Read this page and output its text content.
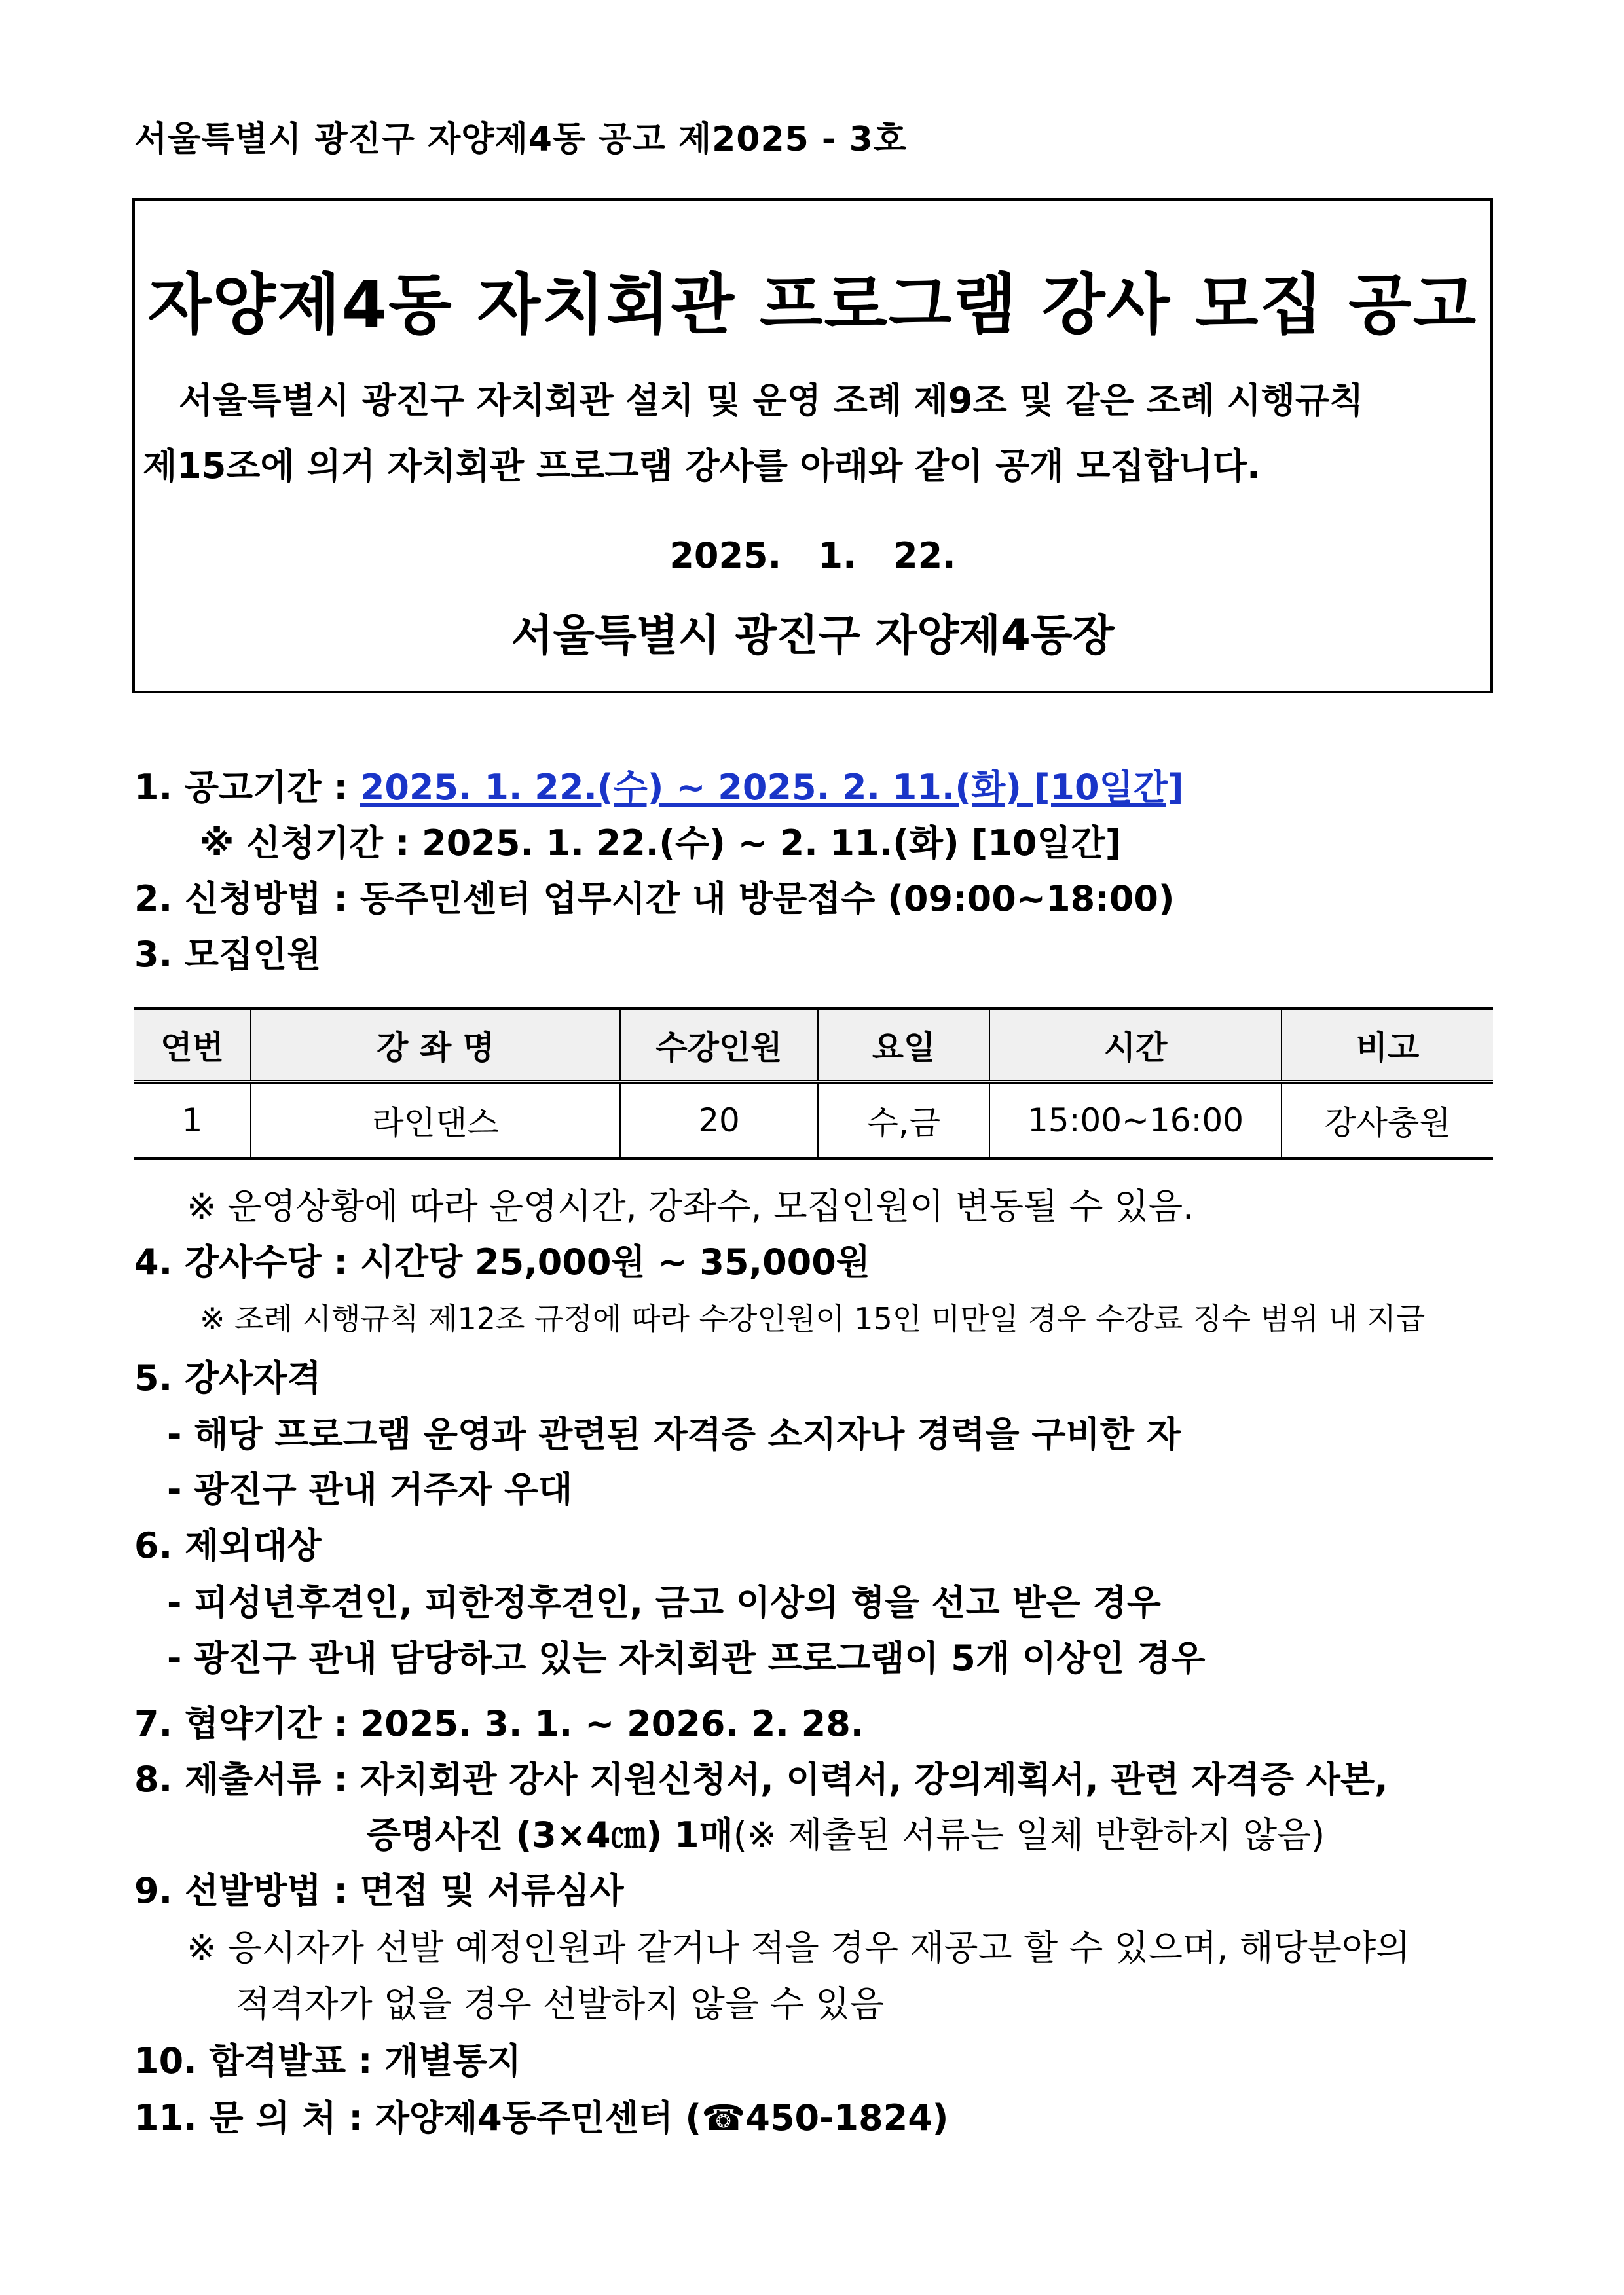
서울특별시 광진구 자양제4동 공고 제2025 - 3호
자양제4동 자치회관 프로그램 강사 모집 공고
서울특별시 광진구 자치회관 설치 및 운영 조례 제9조 및 같은 조례 시행규칙
제15조에 의거 자치회관 프로그램 강사를 아래와 같이 공개 모집합니다.
2025.   1.   22.
서울특별시 광진구 자양제4동장
1. 공고기간 : 2025. 1. 22.(수) ~ 2025. 2. 11.(화) [10일간]
※ 신청기간 : 2025. 1. 22.(수) ~ 2. 11.(화) [10일간]
2. 신청방법 : 동주민센터 업무시간 내 방문접수 (09:00~18:00)
3. 모집인원
연번	강 좌 명	수강인원	요일	시간	비고
1	라인댄스	20	수,금	15:00~16:00	강사충원
※ 운영상황에 따라 운영시간, 강좌수, 모집인원이 변동될 수 있음.
4. 강사수당 : 시간당 25,000원 ~ 35,000원
※ 조례 시행규칙 제12조 규정에 따라 수강인원이 15인 미만일 경우 수강료 징수 범위 내 지급
5. 강사자격
- 해당 프로그램 운영과 관련된 자격증 소지자나 경력을 구비한 자
- 광진구 관내 거주자 우대
6. 제외대상
- 피성년후견인, 피한정후견인, 금고 이상의 형을 선고 받은 경우
- 광진구 관내 담당하고 있는 자치회관 프로그램이 5개 이상인 경우
7. 협약기간 : 2025. 3. 1. ~ 2026. 2. 28.
8. 제출서류 : 자치회관 강사 지원신청서, 이력서, 강의계획서, 관련 자격증 사본,
증명사진 (3×4㎝) 1매(※ 제출된 서류는 일체 반환하지 않음)
9. 선발방법 : 면접 및 서류심사
※ 응시자가 선발 예정인원과 같거나 적을 경우 재공고 할 수 있으며, 해당분야의
적격자가 없을 경우 선발하지 않을 수 있음
10. 합격발표 : 개별통지
11. 문 의 처 : 자양제4동주민센터 (☎450-1824)
